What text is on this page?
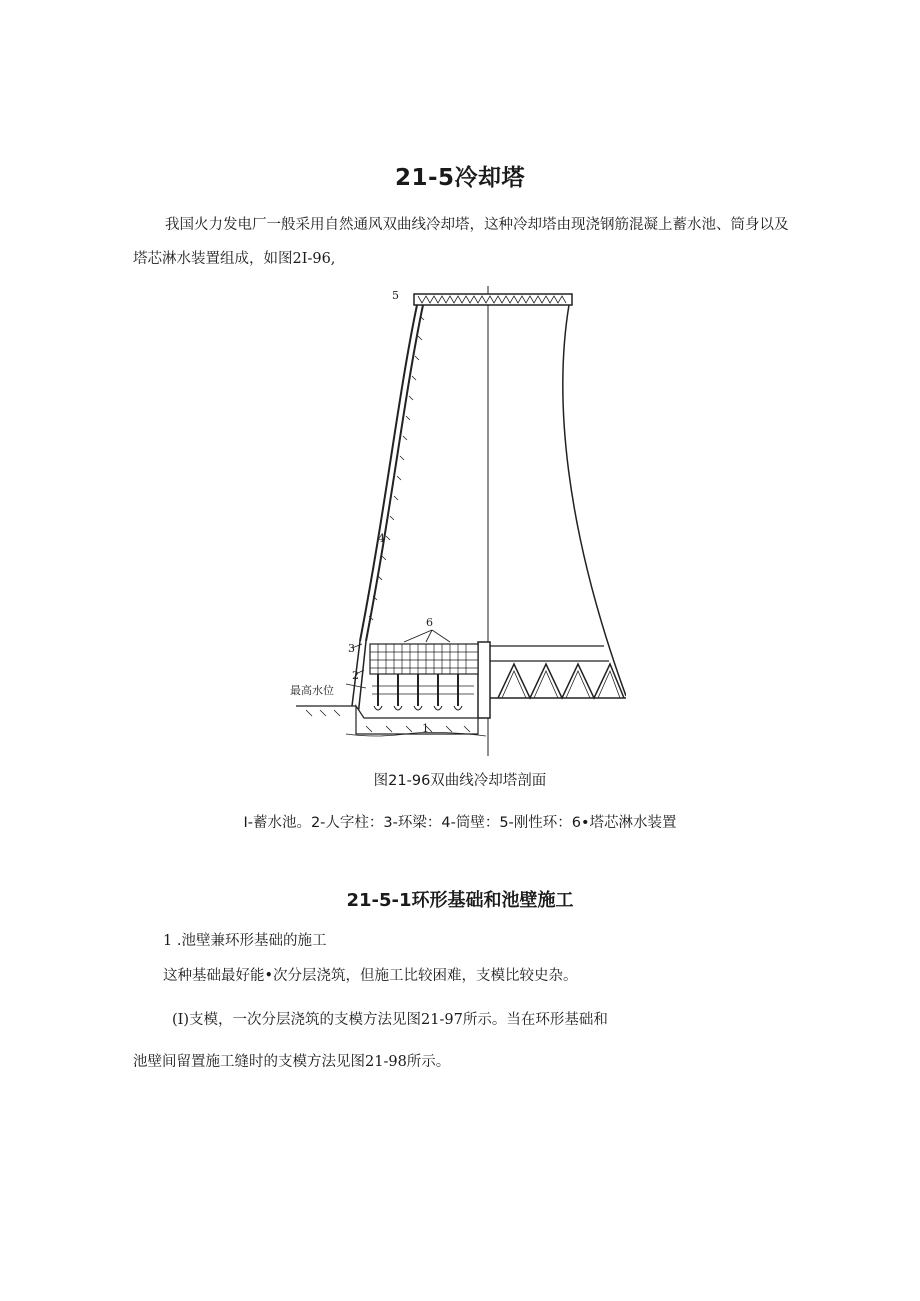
21-5冷却塔

我国火力发电厂一般采用自然通风双曲线冷却塔，这种冷却塔由现浇钢筋混凝上蓄水池、筒身以及塔芯淋水装置组成，如图2I-96,

5
4
3
2
6
1
最高水位
图21-96双曲线冷却塔剖面
I-蓄水池。2-人字柱：3-环梁：4-筒壁：5-刚性环：6•塔芯淋水装置
21-5-1环形基础和池壁施工

1 .池壁兼环形基础的施工

这种基础最好能•次分层浇筑，但施工比较困难，支模比较史杂。

(I)支模，一次分层浇筑的支模方法见图21-97所示。当在环形基础和

池壁间留置施工缝时的支模方法见图21-98所示。
